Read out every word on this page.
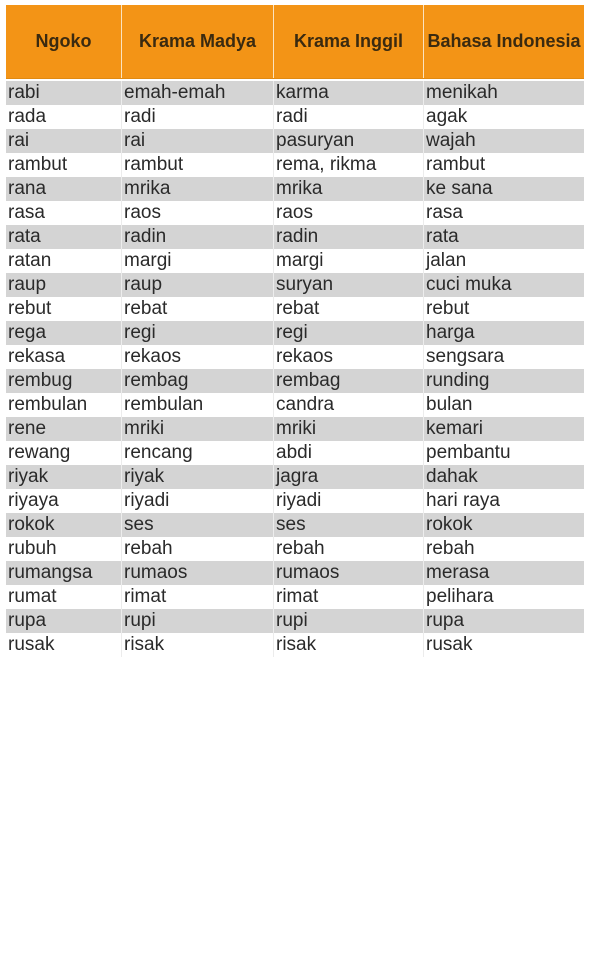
Ngoko	Krama Madya	Krama Inggil	Bahasa Indonesia
rabi	emah-emah	karma	menikah
rada	radi	radi	agak
rai	rai	pasuryan	wajah
rambut	rambut	rema, rikma	rambut
rana	mrika	mrika	ke sana
rasa	raos	raos	rasa
rata	radin	radin	rata
ratan	margi	margi	jalan
raup	raup	suryan	cuci muka
rebut	rebat	rebat	rebut
rega	regi	regi	harga
rekasa	rekaos	rekaos	sengsara
rembug	rembag	rembag	runding
rembulan	rembulan	candra	bulan
rene	mriki	mriki	kemari
rewang	rencang	abdi	pembantu
riyak	riyak	jagra	dahak
riyaya	riyadi	riyadi	hari raya
rokok	ses	ses	rokok
rubuh	rebah	rebah	rebah
rumangsa	rumaos	rumaos	merasa
rumat	rimat	rimat	pelihara
rupa	rupi	rupi	rupa
rusak	risak	risak	rusak
